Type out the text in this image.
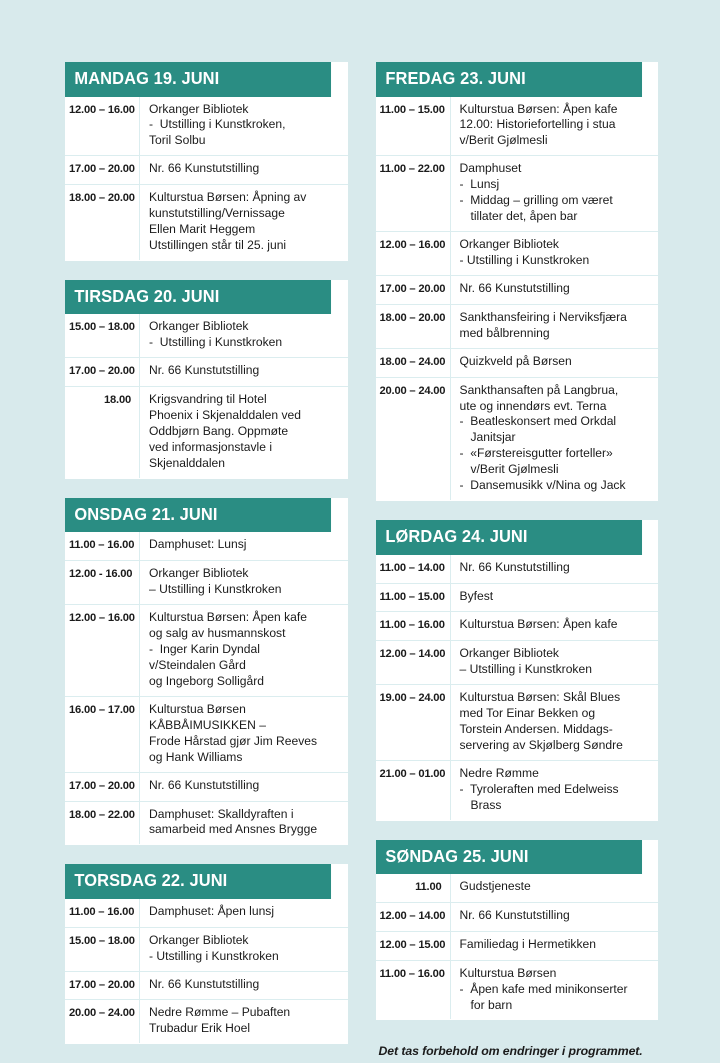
MANDAG 19. JUNI
12.00 – 16.00	Orkanger Bibliotek
-  Utstilling i Kunstkroken,
Toril Solbu
17.00 – 20.00	Nr. 66 Kunstutstilling
18.00 – 20.00	Kulturstua Børsen: Åpning av
kunstutstilling/Vernissage
Ellen Marit Heggem
Utstillingen står til 25. juni
TIRSDAG 20. JUNI
15.00 – 18.00	Orkanger Bibliotek
-  Utstilling i Kunstkroken
17.00 – 20.00	Nr. 66 Kunstutstilling
18.00	Krigsvandring til Hotel
Phoenix i Skjenalddalen ved
Oddbjørn Bang. Oppmøte
ved informasjonstavle i
Skjenalddalen
ONSDAG 21. JUNI
11.00 – 16.00	Damphuset: Lunsj
12.00 - 16.00	Orkanger Bibliotek
– Utstilling i Kunstkroken
12.00 – 16.00	Kulturstua Børsen: Åpen kafe
og salg av husmannskost
-  Inger Karin Dyndal
v/Steindalen Gård
og Ingeborg Solligård
16.00 – 17.00	Kulturstua Børsen
KÅBBÅIMUSIKKEN –
Frode Hårstad gjør Jim Reeves
og Hank Williams
17.00 – 20.00	Nr. 66 Kunstutstilling
18.00 – 22.00	Damphuset: Skalldyraften i
samarbeid med Ansnes Brygge
TORSDAG 22. JUNI
11.00 – 16.00	Damphuset: Åpen lunsj
15.00 – 18.00	Orkanger Bibliotek
- Utstilling i Kunstkroken
17.00 – 20.00	Nr. 66 Kunstutstilling
20.00 – 24.00	Nedre Rømme – Pubaften
Trubadur Erik Hoel
FREDAG 23. JUNI
11.00 – 15.00	Kulturstua Børsen: Åpen kafe
12.00: Historiefortelling i stua
v/Berit Gjølmesli
11.00 – 22.00	Damphuset
-  Lunsj
-  Middag – grilling om været
tillater det, åpen bar
12.00 – 16.00	Orkanger Bibliotek
- Utstilling i Kunstkroken
17.00 – 20.00	Nr. 66 Kunstutstilling
18.00 – 20.00	Sankthansfeiring i Nerviksfjæra
med bålbrenning
18.00 – 24.00	Quizkveld på Børsen
20.00 – 24.00	Sankthansaften på Langbrua,
ute og innendørs evt. Terna
-  Beatleskonsert med Orkdal
Janitsjar
-  «Førstereisgutter forteller»
v/Berit Gjølmesli
-  Dansemusikk v/Nina og Jack
LØRDAG 24. JUNI
11.00 – 14.00	Nr. 66 Kunstutstilling
11.00 – 15.00	Byfest
11.00 – 16.00	Kulturstua Børsen: Åpen kafe
12.00 – 14.00	Orkanger Bibliotek
– Utstilling i Kunstkroken
19.00 – 24.00	Kulturstua Børsen: Skål Blues
med Tor Einar Bekken og
Torstein Andersen. Middags-
servering av Skjølberg Søndre
21.00 – 01.00	Nedre Rømme
-  Tyroleraften med Edelweiss
Brass
SØNDAG 25. JUNI
11.00	Gudstjeneste
12.00 – 14.00	Nr. 66 Kunstutstilling
12.00 – 15.00	Familiedag i Hermetikken
11.00 – 16.00	Kulturstua Børsen
-  Åpen kafe med minikonserter
for barn
Det tas forbehold om endringer i programmet.
